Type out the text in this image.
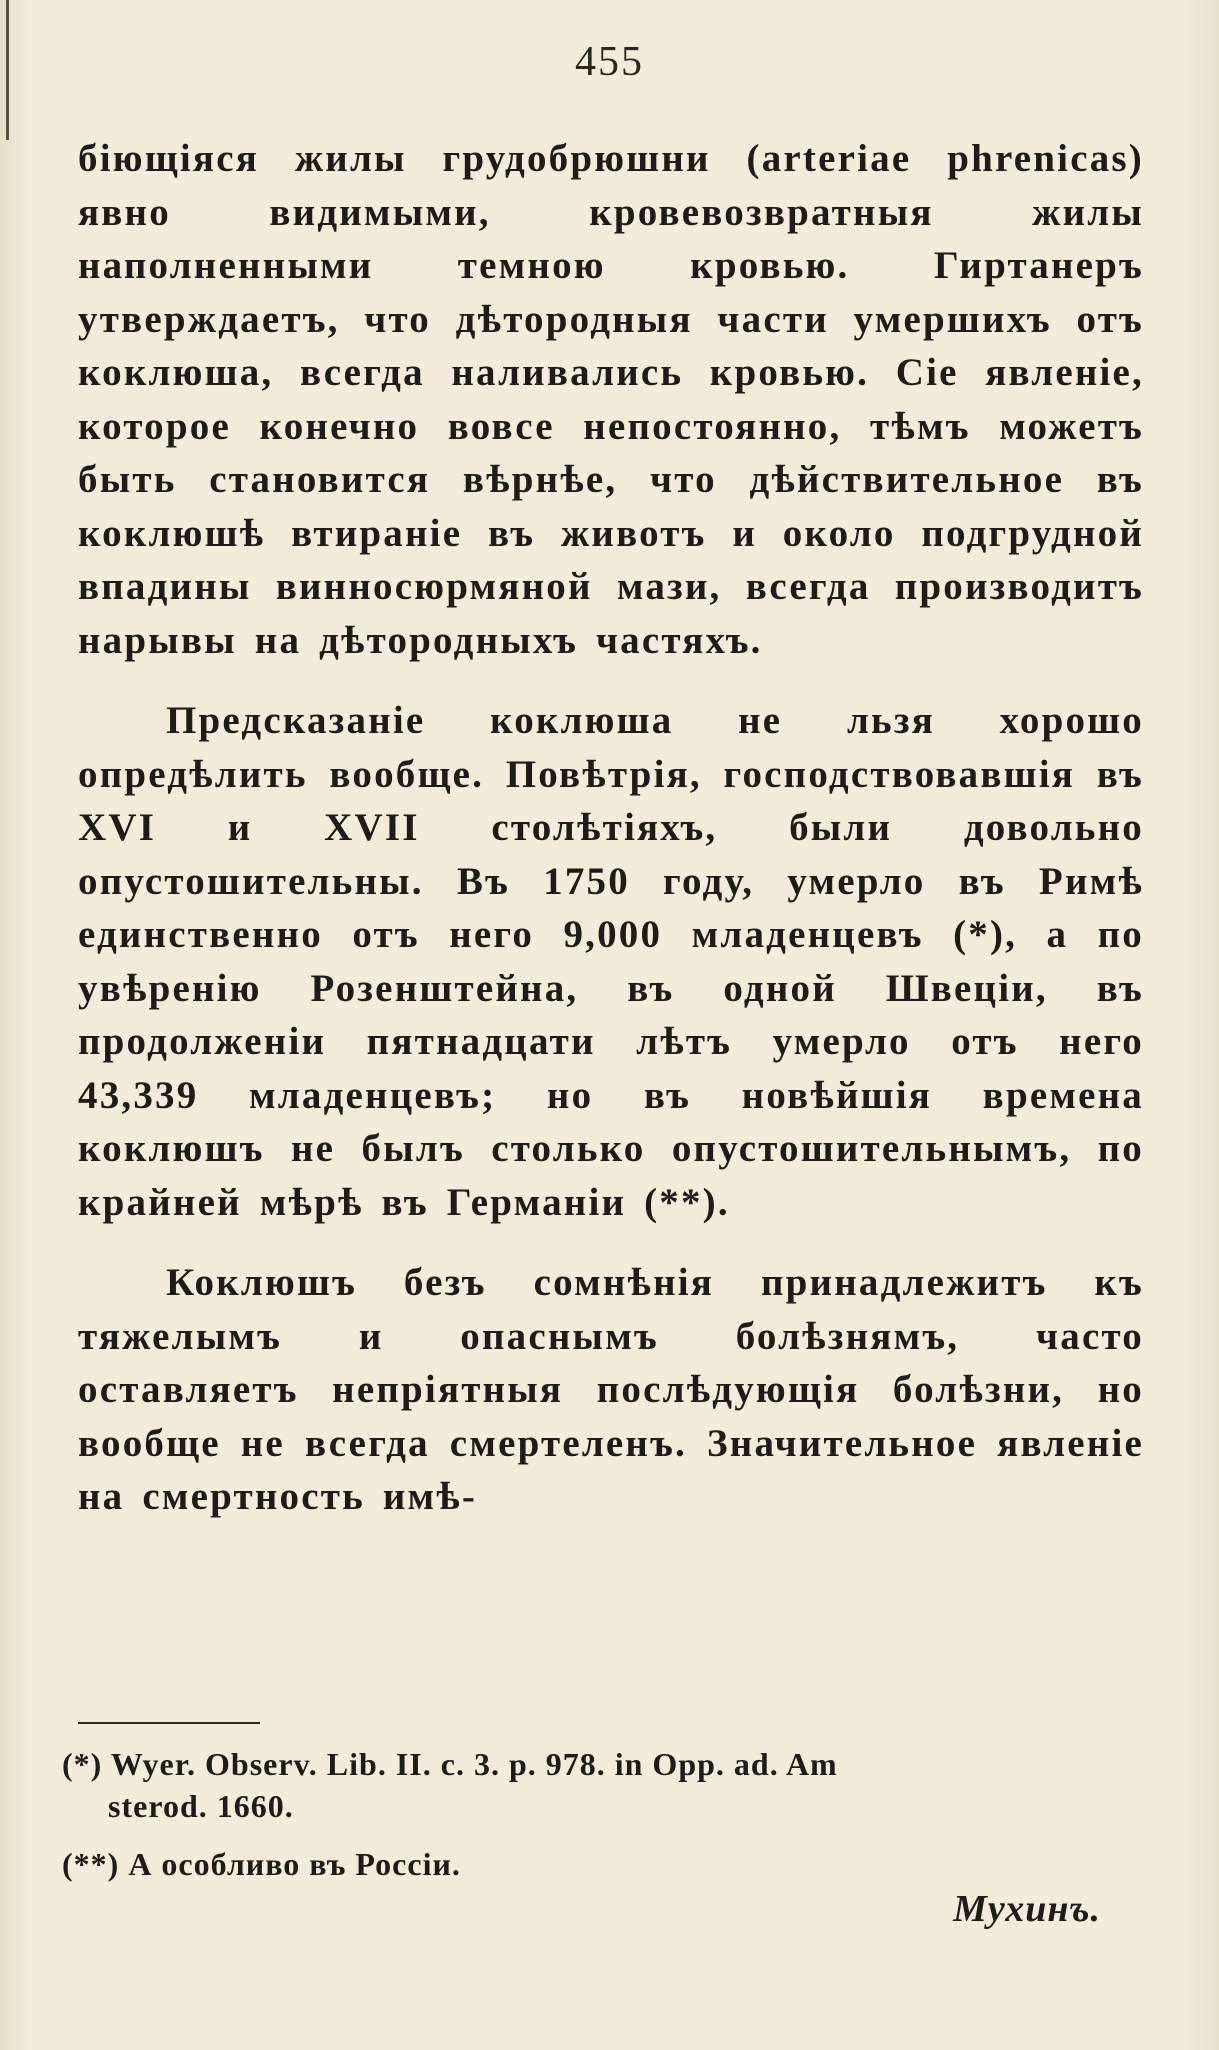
455

біющіяся жилы грудобрюшни (arteriae phrenicas) явно видимыми, кровевозвратныя жилы наполненными темною кровью. Гиртанеръ утверждаетъ, что дѣтородныя части умершихъ отъ коклюша, всегда наливались кровью. Сіе явленіе, которое конечно вовсе непостоянно, тѣмъ можетъ быть становится вѣрнѣе, что дѣйствительное въ коклюшѣ втираніе въ животъ и около подгрудной впадины винносюрмяной мази, всегда производитъ нарывы на дѣтородныхъ частяхъ.

Предсказаніе коклюша не льзя хорошо опредѣлить вообще. Повѣтрія, господствовавшія въ XVI и XVII столѣтіяхъ, были довольно опустошительны. Въ 1750 году, умерло въ Римѣ единственно отъ него 9,000 младенцевъ (*), а по увѣренію Розенштейна, въ одной Швеціи, въ продолженіи пятнадцати лѣтъ умерло отъ него 43,339 младенцевъ; но въ новѣйшія времена коклюшъ не былъ столько опустошительнымъ, по крайней мѣрѣ въ Германіи (**).

Коклюшъ безъ сомнѣнія принадлежитъ къ тяжелымъ и опаснымъ болѣзнямъ, часто оставляетъ непріятныя послѣдующія болѣзни, но вообще не всегда смертеленъ. Значительное явленіе на смертность имѣ-

(*) Wyer. Observ. Lib. II. c. 3. p. 978. in Opp. ad. Am
sterod. 1660.

(**) А особливо въ Россіи.

Мухинъ.
